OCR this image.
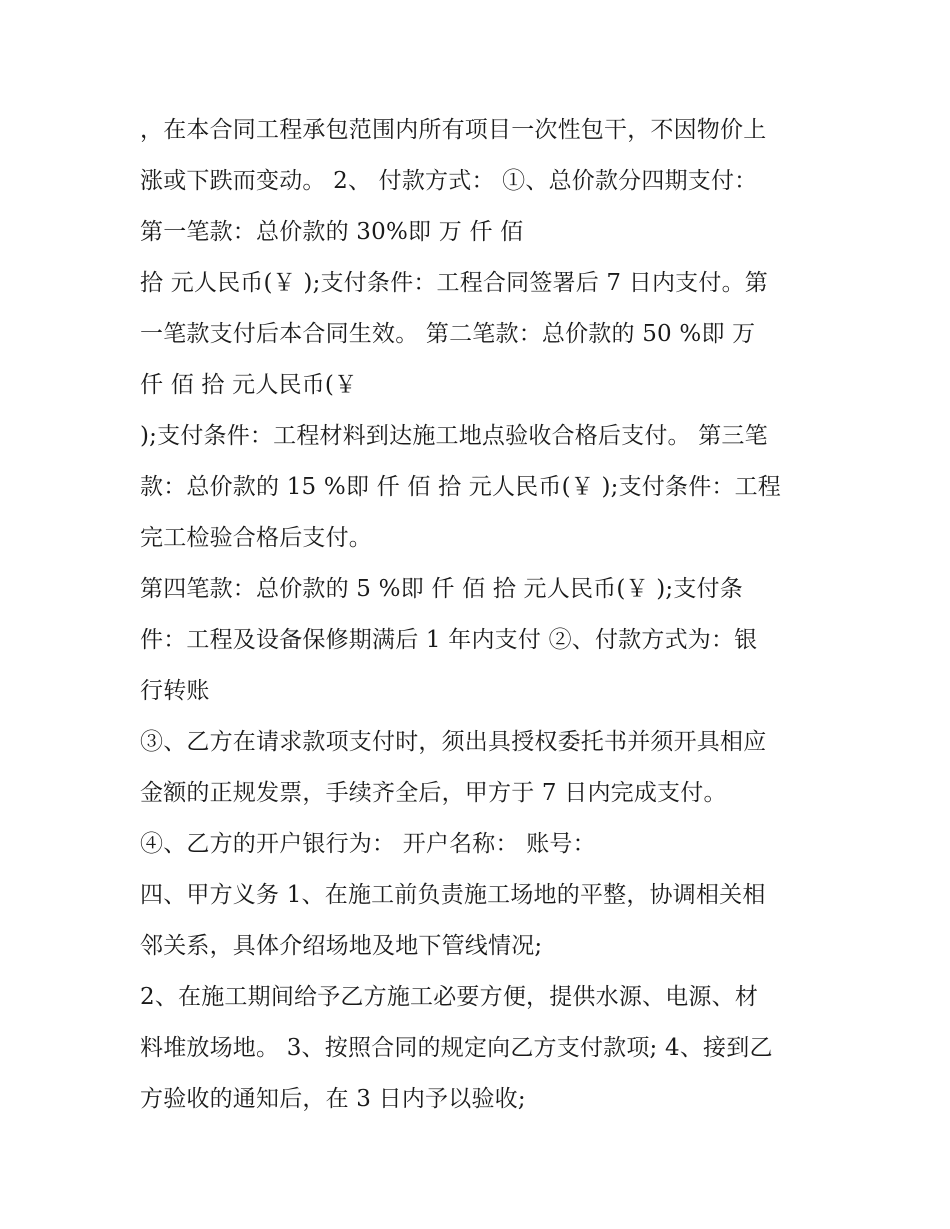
，在本合同工程承包范围内所有项目一次性包干，不因物价上
涨或下跌而变动。 2、 付款方式： ①、总价款分四期支付：
第一笔款：总价款的 30%即 万 仟 佰
拾 元人民币(￥ );支付条件：工程合同签署后 7 日内支付。第
一笔款支付后本合同生效。 第二笔款：总价款的 50 %即 万
仟 佰 拾 元人民币(￥
);支付条件：工程材料到达施工地点验收合格后支付。 第三笔
款：总价款的 15 %即 仟 佰 拾 元人民币(￥ );支付条件：工程
完工检验合格后支付。
第四笔款：总价款的 5 %即 仟 佰 拾 元人民币(￥ );支付条
件：工程及设备保修期满后 1 年内支付 ②、付款方式为：银
行转账
③、乙方在请求款项支付时，须出具授权委托书并须开具相应
金额的正规发票，手续齐全后，甲方于 7 日内完成支付。
④、乙方的开户银行为： 开户名称： 账号：
四、甲方义务 1、在施工前负责施工场地的平整，协调相关相
邻关系，具体介绍场地及地下管线情况;
2、在施工期间给予乙方施工必要方便，提供水源、电源、材
料堆放场地。 3、按照合同的规定向乙方支付款项; 4、接到乙
方验收的通知后，在 3 日内予以验收;
